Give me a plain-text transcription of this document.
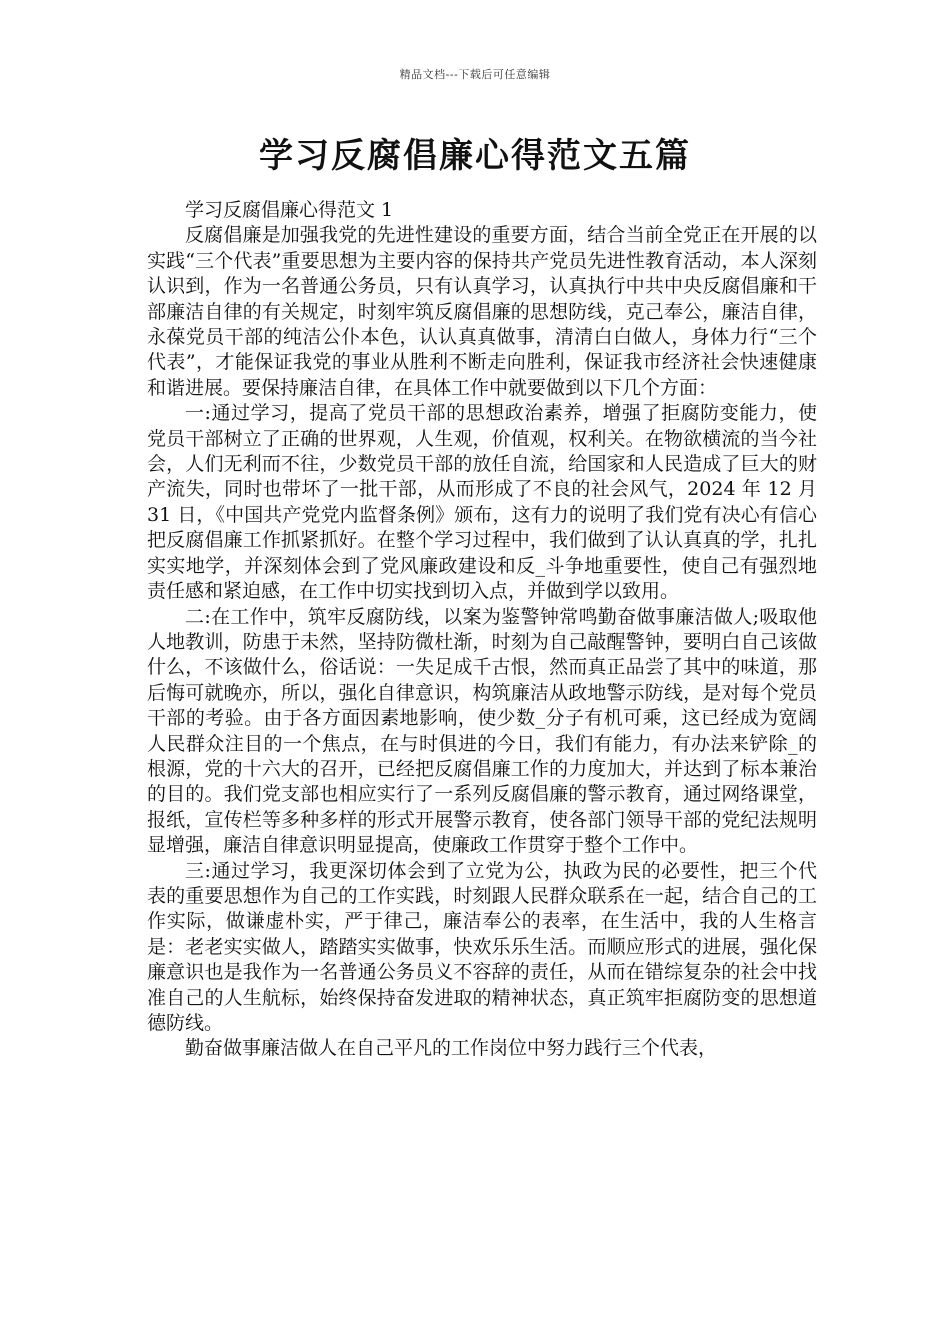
精品文档---下载后可任意编辑
学习反腐倡廉心得范文五篇

学习反腐倡廉心得范文 1

反腐倡廉是加强我党的先进性建设的重要方面，结合当前全党正在开展的以实践“三个代表”重要思想为主要内容的保持共产党员先进性教育活动，本人深刻认识到，作为一名普通公务员，只有认真学习，认真执行中共中央反腐倡廉和干部廉洁自律的有关规定，时刻牢筑反腐倡廉的思想防线，克己奉公，廉洁自律，永葆党员干部的纯洁公仆本色，认认真真做事，清清白白做人，身体力行“三个代表”，才能保证我党的事业从胜利不断走向胜利，保证我市经济社会快速健康和谐进展。要保持廉洁自律，在具体工作中就要做到以下几个方面：

一:通过学习，提高了党员干部的思想政治素养，增强了拒腐防变能力，使党员干部树立了正确的世界观，人生观，价值观，权利关。在物欲横流的当今社会，人们无利而不往，少数党员干部的放任自流，给国家和人民造成了巨大的财产流失，同时也带坏了一批干部，从而形成了不良的社会风气，2024 年 12 月 31 日，《中国共产党党内监督条例》颁布，这有力的说明了我们党有决心有信心把反腐倡廉工作抓紧抓好。在整个学习过程中，我们做到了认认真真的学，扎扎实实地学，并深刻体会到了党风廉政建设和反_斗争地重要性，使自己有强烈地责任感和紧迫感，在工作中切实找到切入点，并做到学以致用。

二:在工作中，筑牢反腐防线，以案为鉴警钟常鸣勤奋做事廉洁做人;吸取他人地教训，防患于未然，坚持防微杜渐，时刻为自己敲醒警钟，要明白自己该做什么，不该做什么，俗话说：一失足成千古恨，然而真正品尝了其中的味道，那后悔可就晚亦，所以，强化自律意识，构筑廉洁从政地警示防线，是对每个党员干部的考验。由于各方面因素地影响，使少数_分子有机可乘，这已经成为宽阔人民群众注目的一个焦点，在与时俱进的今日，我们有能力，有办法来铲除_的根源，党的十六大的召开，已经把反腐倡廉工作的力度加大，并达到了标本兼治的目的。我们党支部也相应实行了一系列反腐倡廉的警示教育，通过网络课堂，报纸，宣传栏等多种多样的形式开展警示教育，使各部门领导干部的党纪法规明显增强，廉洁自律意识明显提高，使廉政工作贯穿于整个工作中。

三:通过学习，我更深切体会到了立党为公，执政为民的必要性，把三个代表的重要思想作为自己的工作实践，时刻跟人民群众联系在一起，结合自己的工作实际，做谦虚朴实，严于律己，廉洁奉公的表率，在生活中，我的人生格言是：老老实实做人，踏踏实实做事，快欢乐乐生活。而顺应形式的进展，强化保廉意识也是我作为一名普通公务员义不容辞的责任，从而在错综复杂的社会中找准自己的人生航标，始终保持奋发进取的精神状态，真正筑牢拒腐防变的思想道德防线。

勤奋做事廉洁做人在自己平凡的工作岗位中努力践行三个代表，
